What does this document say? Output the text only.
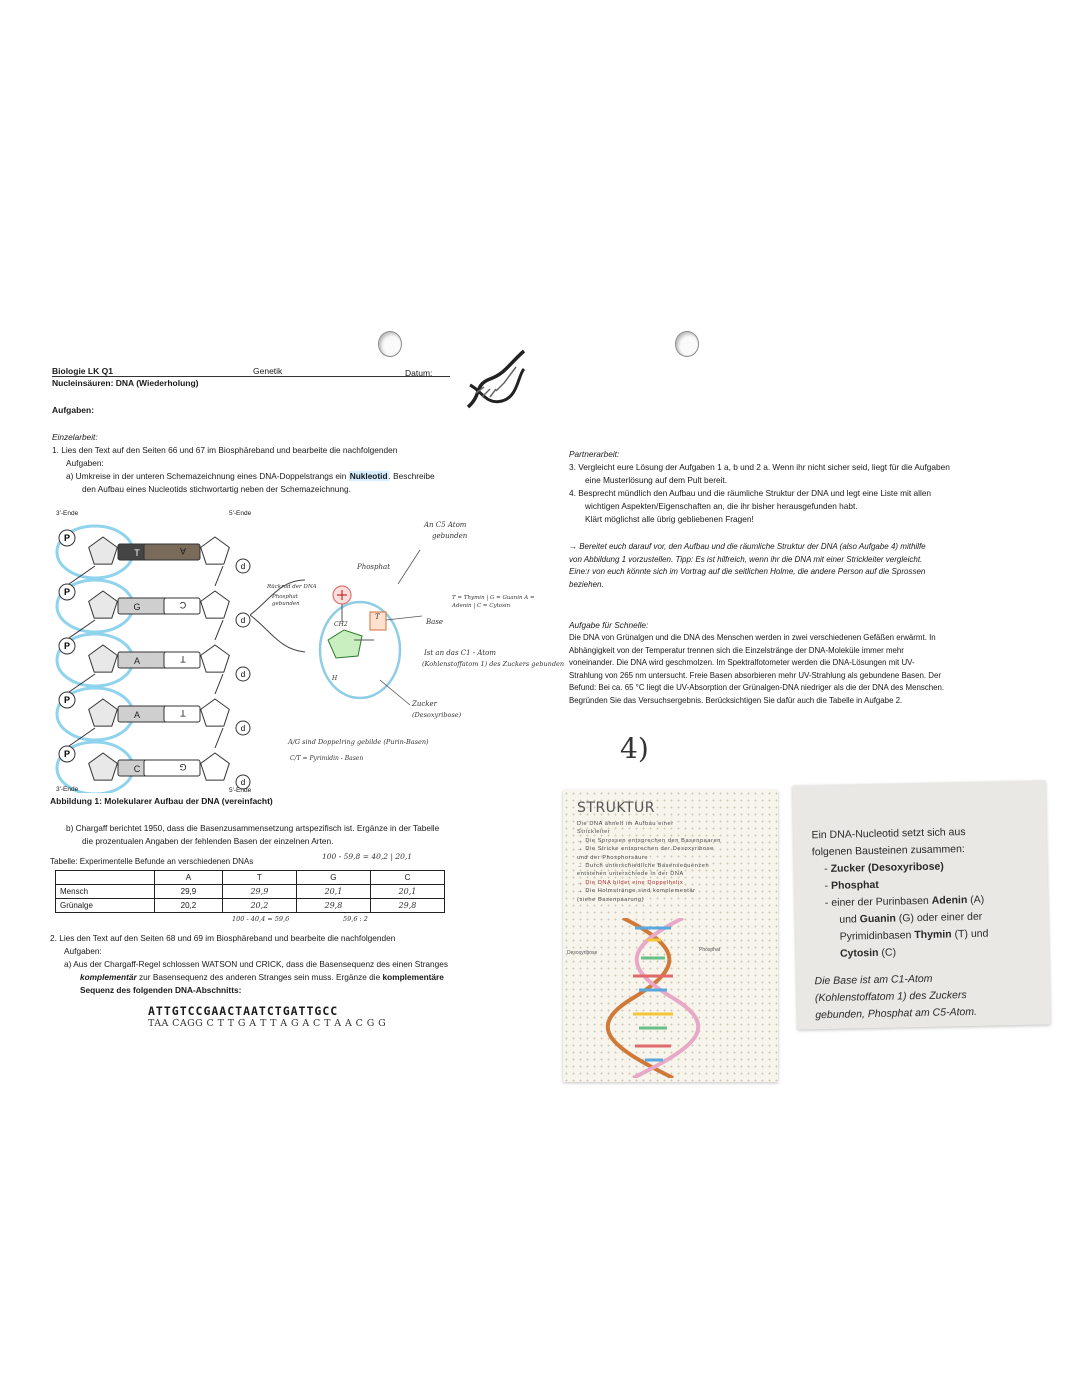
Biologie LK Q1	Genetik	Datum:
Nucleinsäuren: DNA (Wiederholung)
Aufgaben:
Einzelarbeit:
1. Lies den Text auf den Seiten 66 und 67 im Biosphäreband und bearbeite die nachfolgenden
Aufgaben:
a) Umkreise in der unteren Schemazeichnung eines DNA-Doppelstrangs ein Nukleotid. Beschreibe
den Aufbau eines Nucleotids stichwortartig neben der Schemazeichnung.
3'-Ende	5'-Ende
P
d
T	A
P
d
G	C
P
d
A	T
P
d
A	T
P
d
C	G
3'-Ende	5'-Ende
Abbildung 1: Molekularer Aufbau der DNA (vereinfacht)
An C5 Atom
gebunden
Phosphat
Rückrad der DNA
Phosphat gebunden
CH2
T
H
Base
T = Thymin | G = Guanin A = Adenin | C = Cytosin
Ist an das C1 - Atom
(Kohlenstoffatom 1) des Zuckers gebunden
Zucker
(Desoxyribose)
A/G sind Doppelring gebilde (Purin-Basen)
C/T = Pyrimidin - Basen
b) Chargaff berichtet 1950, dass die Basenzusammensetzung artspezifisch ist. Ergänze in der Tabelle
die prozentualen Angaben der fehlenden Basen der einzelnen Arten.
Tabelle: Experimentelle Befunde an verschiedenen DNAs
100 - 59,8 = 40,2 | 20,1
	A	T	G	C
Mensch	29,9	29,9	20,1	20,1
Grünalge	20,2	20,2	29,8	29,8
100 - 40,4 = 59,6	59,6 : 2
2. Lies den Text auf den Seiten 68 und 69 im Biosphäreband und bearbeite die nachfolgenden
Aufgaben:
a) Aus der Chargaff-Regel schlossen WATSON und CRICK, dass die Basensequenz des einen Stranges
komplementär zur Basensequenz des anderen Stranges sein muss. Ergänze die komplementäre
Sequenz des folgenden DNA-Abschnitts:
ATTGTCCGAACTAATCTGATTGCC
TAA CAGG C T T G A T T A G A C T A A C G G
Partnerarbeit:
3. Vergleicht eure Lösung der Aufgaben 1 a, b und 2 a. Wenn ihr nicht sicher seid, liegt für die Aufgaben
eine Musterlösung auf dem Pult bereit.
4. Besprecht mündlich den Aufbau und die räumliche Struktur der DNA und legt eine Liste mit allen
wichtigen Aspekten/Eigenschaften an, die ihr bisher herausgefunden habt.
Klärt möglichst alle übrig gebliebenen Fragen!
→ Bereitet euch darauf vor, den Aufbau und die räumliche Struktur der DNA (also Aufgabe 4) mithilfe
von Abbildung 1 vorzustellen. Tipp: Es ist hilfreich, wenn ihr die DNA mit einer Strickleiter vergleicht.
Eine:r von euch könnte sich im Vortrag auf die seitlichen Holme, die andere Person auf die Sprossen
beziehen.
Aufgabe für Schnelle:
Die DNA von Grünalgen und die DNA des Menschen werden in zwei verschiedenen Gefäßen erwärmt. In
Abhängigkeit von der Temperatur trennen sich die Einzelstränge der DNA-Moleküle immer mehr
voneinander. Die DNA wird geschmolzen. Im Spektralfotometer werden die DNA-Lösungen mit UV-
Strahlung von 265 nm untersucht. Freie Basen absorbieren mehr UV-Strahlung als gebundene Basen. Der
Befund: Bei ca. 65 °C liegt die UV-Absorption der Grünalgen-DNA niedriger als die der DNA des Menschen.
Begründen Sie das Versuchsergebnis. Berücksichtigen Sie dafür auch die Tabelle in Aufgabe 2.
4)
STRUKTUR
Die DNA ähnelt im Aufbau einer
Strickleiter
→ Die Sprossen entsprechen den Basenpaaren
→ Die Stricke entsprechen der Desoxyribose
und der Phosphorsäure
→ Durch unterschiedliche Basensequenzen
entstehen unterschiede in der DNA
→ Die DNA bildet eine Doppelhelix
→ Die Holmstränge sind komplementär
(siehe Basenpaarung)
Desoxyribose	Phosphat
Ein DNA-Nucleotid setzt sich aus
folgenen Bausteinen zusammen:
- Zucker (Desoxyribose)
- Phosphat
- einer der Purinbasen Adenin (A)
und Guanin (G) oder einer der
Pyrimidinbasen Thymin (T) und
Cytosin (C)
Die Base ist am C1-Atom
(Kohlenstoffatom 1) des Zuckers
gebunden, Phosphat am C5-Atom.
